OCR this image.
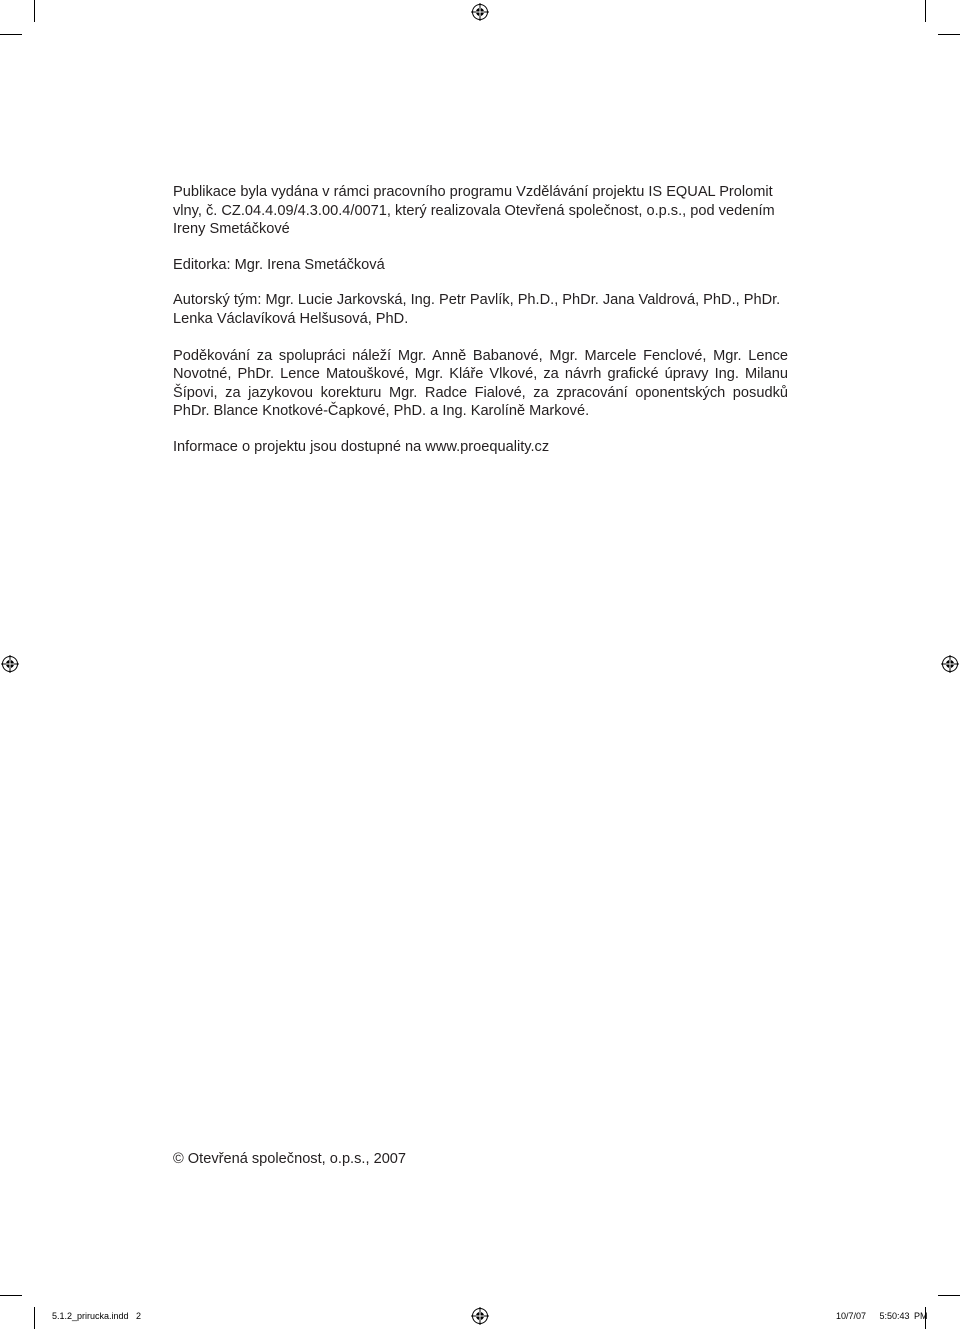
Publikace byla vydána v rámci pracovního programu Vzdělávání projektu IS EQUAL Prolomit vlny, č. CZ.04.4.09/4.3.00.4/0071, který realizovala Otevřená společnost, o.p.s., pod vedením Ireny Smetáčkové

Editorka: Mgr. Irena Smetáčková

Autorský tým: Mgr. Lucie Jarkovská, Ing. Petr Pavlík, Ph.D., PhDr. Jana Valdrová, PhD., PhDr. Lenka Václavíková Helšusová, PhD.

Poděkování za spolupráci náleží Mgr. Anně Babanové, Mgr. Marcele Fenclové, Mgr. Lence Novotné, PhDr. Lence Matouškové, Mgr. Kláře Vlkové, za návrh grafické úpravy Ing. Milanu Šípovi, za jazykovou korekturu Mgr. Radce Fialové, za zpracování oponentských posudků PhDr. Blance Knotkové-Čapkové, PhD. a Ing. Karolíně Markové.

Informace o projektu jsou dostupné na www.proequality.cz

© Otevřená společnost, o.p.s., 2007
5.1.2_prirucka.indd   2	10/7/07   5:50:43 PM
